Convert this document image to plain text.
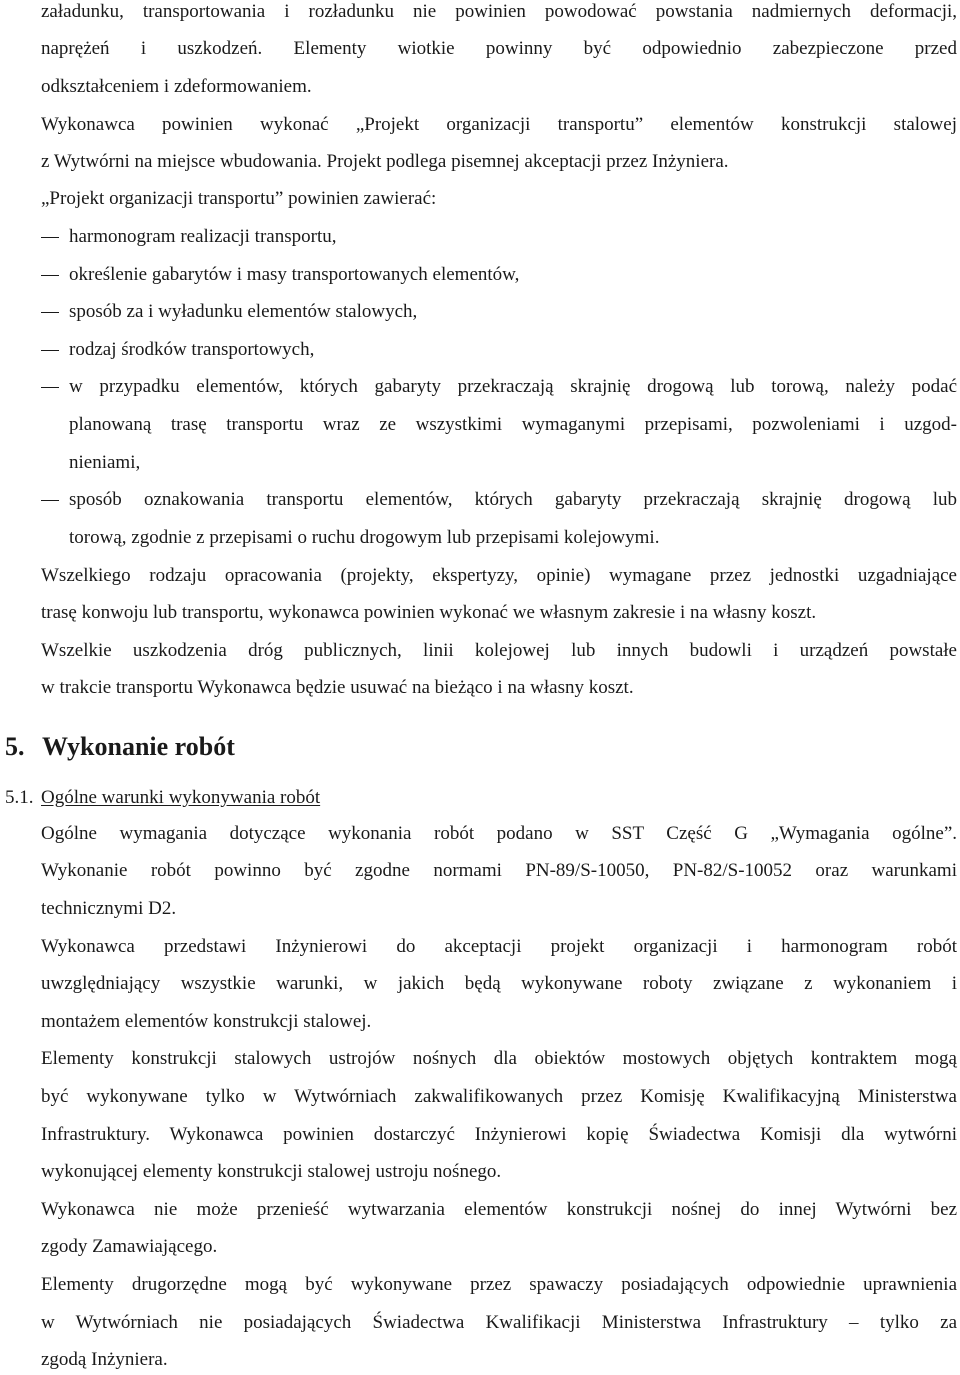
załadunku, transportowania i rozładunku nie powinien powodować powstania nadmiernych deformacji,
naprężeń i uszkodzeń. Elementy wiotkie powinny być odpowiednio zabezpieczone przed
odkształceniem i zdeformowaniem.
Wykonawca powinien wykonać „Projekt organizacji transportu” elementów konstrukcji stalowej
z Wytwórni na miejsce wbudowania. Projekt podlega pisemnej akceptacji przez Inżyniera.
„Projekt organizacji transportu” powinien zawierać:
harmonogram realizacji transportu,
określenie gabarytów i masy transportowanych elementów,
sposób za i wyładunku elementów stalowych,
rodzaj środków transportowych,
w przypadku elementów, których gabaryty przekraczają skrajnię drogową lub torową, należy podać
planowaną trasę transportu wraz ze wszystkimi wymaganymi przepisami, pozwoleniami i uzgod-
nieniami,
sposób oznakowania transportu elementów, których gabaryty przekraczają skrajnię drogową lub
torową, zgodnie z przepisami o ruchu drogowym lub przepisami kolejowymi.
Wszelkiego rodzaju opracowania (projekty, ekspertyzy, opinie) wymagane przez jednostki uzgadniające
trasę konwoju lub transportu, wykonawca powinien wykonać we własnym zakresie i na własny koszt.
Wszelkie uszkodzenia dróg publicznych, linii kolejowej lub innych budowli i urządzeń powstałe
w trakcie transportu Wykonawca będzie usuwać na bieżąco i na własny koszt.
5. Wykonanie robót
5.1. Ogólne warunki wykonywania robót
Ogólne wymagania dotyczące wykonania robót podano w SST Część G „Wymagania ogólne”.
Wykonanie robót powinno być zgodne normami PN-89/S-10050, PN-82/S-10052 oraz warunkami
technicznymi D2.
Wykonawca przedstawi Inżynierowi do akceptacji projekt organizacji i harmonogram robót
uwzględniający wszystkie warunki, w jakich będą wykonywane roboty związane z wykonaniem i
montażem elementów konstrukcji stalowej.
Elementy konstrukcji stalowych ustrojów nośnych dla obiektów mostowych objętych kontraktem mogą
być wykonywane tylko w Wytwórniach zakwalifikowanych przez Komisję Kwalifikacyjną Ministerstwa
Infrastruktury. Wykonawca powinien dostarczyć Inżynierowi kopię Świadectwa Komisji dla wytwórni
wykonującej elementy konstrukcji stalowej ustroju nośnego.
Wykonawca nie może przenieść wytwarzania elementów konstrukcji nośnej do innej Wytwórni bez
zgody Zamawiającego.
Elementy drugorzędne mogą być wykonywane przez spawaczy posiadających odpowiednie uprawnienia
w Wytwórniach nie posiadających Świadectwa Kwalifikacji Ministerstwa Infrastruktury – tylko za
zgodą Inżyniera.
